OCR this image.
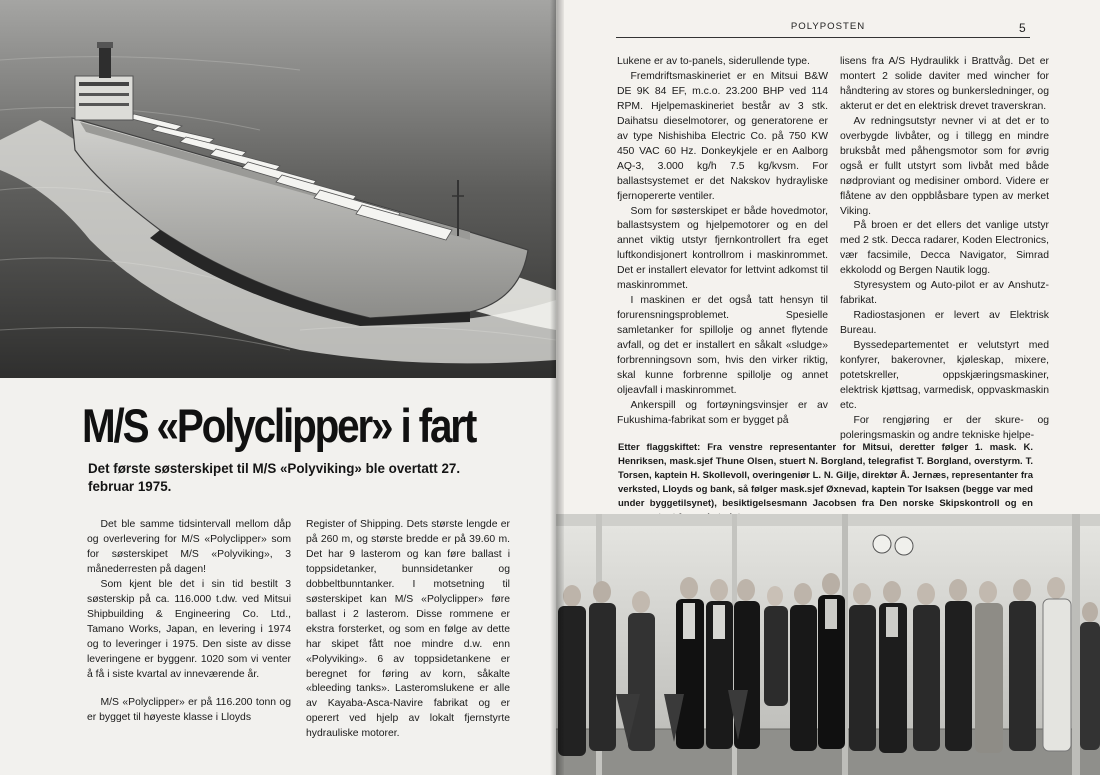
M/S «Polyclipper» i fart

Det første søsterskipet til M/S «Polyviking» ble overtatt 27. februar 1975.

Det ble samme tidsintervall mellom dåp og overlevering for M/S «Polyclipper» som for søsterskipet M/S «Polyviking», 3 månederresten på dagen!

Som kjent ble det i sin tid bestilt 3 søsterskip på ca. 116.000 t.dw. ved Mitsui Shipbuilding & Engineering Co. Ltd., Tamano Works, Japan, en levering i 1974 og to leveringer i 1975. Den siste av disse leveringene er byggenr. 1020 som vi venter å få i siste kvartal av inneværende år.

M/S «Polyclipper» er på 116.200 tonn og er bygget til høyeste klasse i Lloyds

Register of Shipping. Dets største lengde er på 260 m, og største bredde er på 39.60 m. Det har 9 lasterom og kan føre ballast i toppsidetanker, bunnsidetanker og dobbeltbunntanker. I motsetning til søsterskipet kan M/S «Polyclipper» føre ballast i 2 lasterom. Disse rommene er ekstra forsterket, og som en følge av dette har skipet fått noe mindre d.w. enn «Polyviking». 6 av toppsidetankene er beregnet for føring av korn, såkalte «bleeding tanks». Lasteromslukene er alle av Kayaba-Asca-Navire fabrikat og er operert ved hjelp av lokalt fjernstyrte hydrauliske motorer.

POLYPOSTEN	5

Lukene er av to-panels, siderullende type.

Fremdriftsmaskineriet er en Mitsui B&W DE 9K 84 EF, m.c.o. 23.200 BHP ved 114 RPM. Hjelpemaskineriet består av 3 stk. Daihatsu dieselmotorer, og generatorene er av type Nishishiba Electric Co. på 750 KW 450 VAC 60 Hz. Donkeykjele er en Aalborg AQ-3, 3.000 kg/h 7.5 kg/kvsm. For ballastsystemet er det Nakskov hydrayliske fjernopererte ventiler.

Som for søsterskipet er både hovedmotor, ballastsystem og hjelpemotorer og en del annet viktig utstyr fjernkontrollert fra eget luftkondisjonert kontrollrom i maskinrommet. Det er installert elevator for lettvint adkomst til maskinrommet.

I maskinen er det også tatt hensyn til forurensningsproblemet. Spesielle samletanker for spillolje og annet flytende avfall, og det er installert en såkalt «sludge» forbrenningsovn som, hvis den virker riktig, skal kunne forbrenne spillolje og annet oljeavfall i maskinrommet.

Ankerspill og fortøyningsvinsjer er av Fukushima-fabrikat som er bygget på

lisens fra A/S Hydraulikk i Brattvåg. Det er montert 2 solide daviter med wincher for håndtering av stores og bunkersledninger, og akterut er det en elektrisk drevet traverskran.

Av redningsutstyr nevner vi at det er to overbygde livbåter, og i tillegg en mindre bruksbåt med påhengsmotor som for øvrig også er fullt utstyrt som livbåt med både nødproviant og medisiner ombord. Videre er flåtene av den oppblåsbare typen av merket Viking.

På broen er det ellers det vanlige utstyr med 2 stk. Decca radarer, Koden Electronics, vær facsimile, Decca Navigator, Simrad ekkolodd og Bergen Nautik logg.

Styresystem og Auto-pilot er av Anshutz-fabrikat.

Radiostasjonen er levert av Elektrisk Bureau.

Byssedepartementet er velutstyrt med konfyrer, bakerovner, kjøleskap, mixere, potetskreller, oppskjæringsmaskiner, elektrisk kjøttsag, varmedisk, oppvaskmaskin etc.

For rengjøring er der skure- og poleringsmaskin og andre tekniske hjelpe-

Etter flaggskiftet: Fra venstre representanter for Mitsui, deretter følger 1. mask. K. Henriksen, mask.sjef Thune Olsen, stuert N. Borgland, telegrafist T. Borgland, overstyrm. T. Torsen, kaptein H. Skollevoll, overingeniør L. N. Gilje, direktør Å. Jernæs, representanter fra verksted, Lloyds og bank, så følger mask.sjef Øxnevad, kaptein Tor Isaksen (begge var med under byggetilsynet), besiktigelsesmann Jacobsen fra Den norske Skipskontroll og en
